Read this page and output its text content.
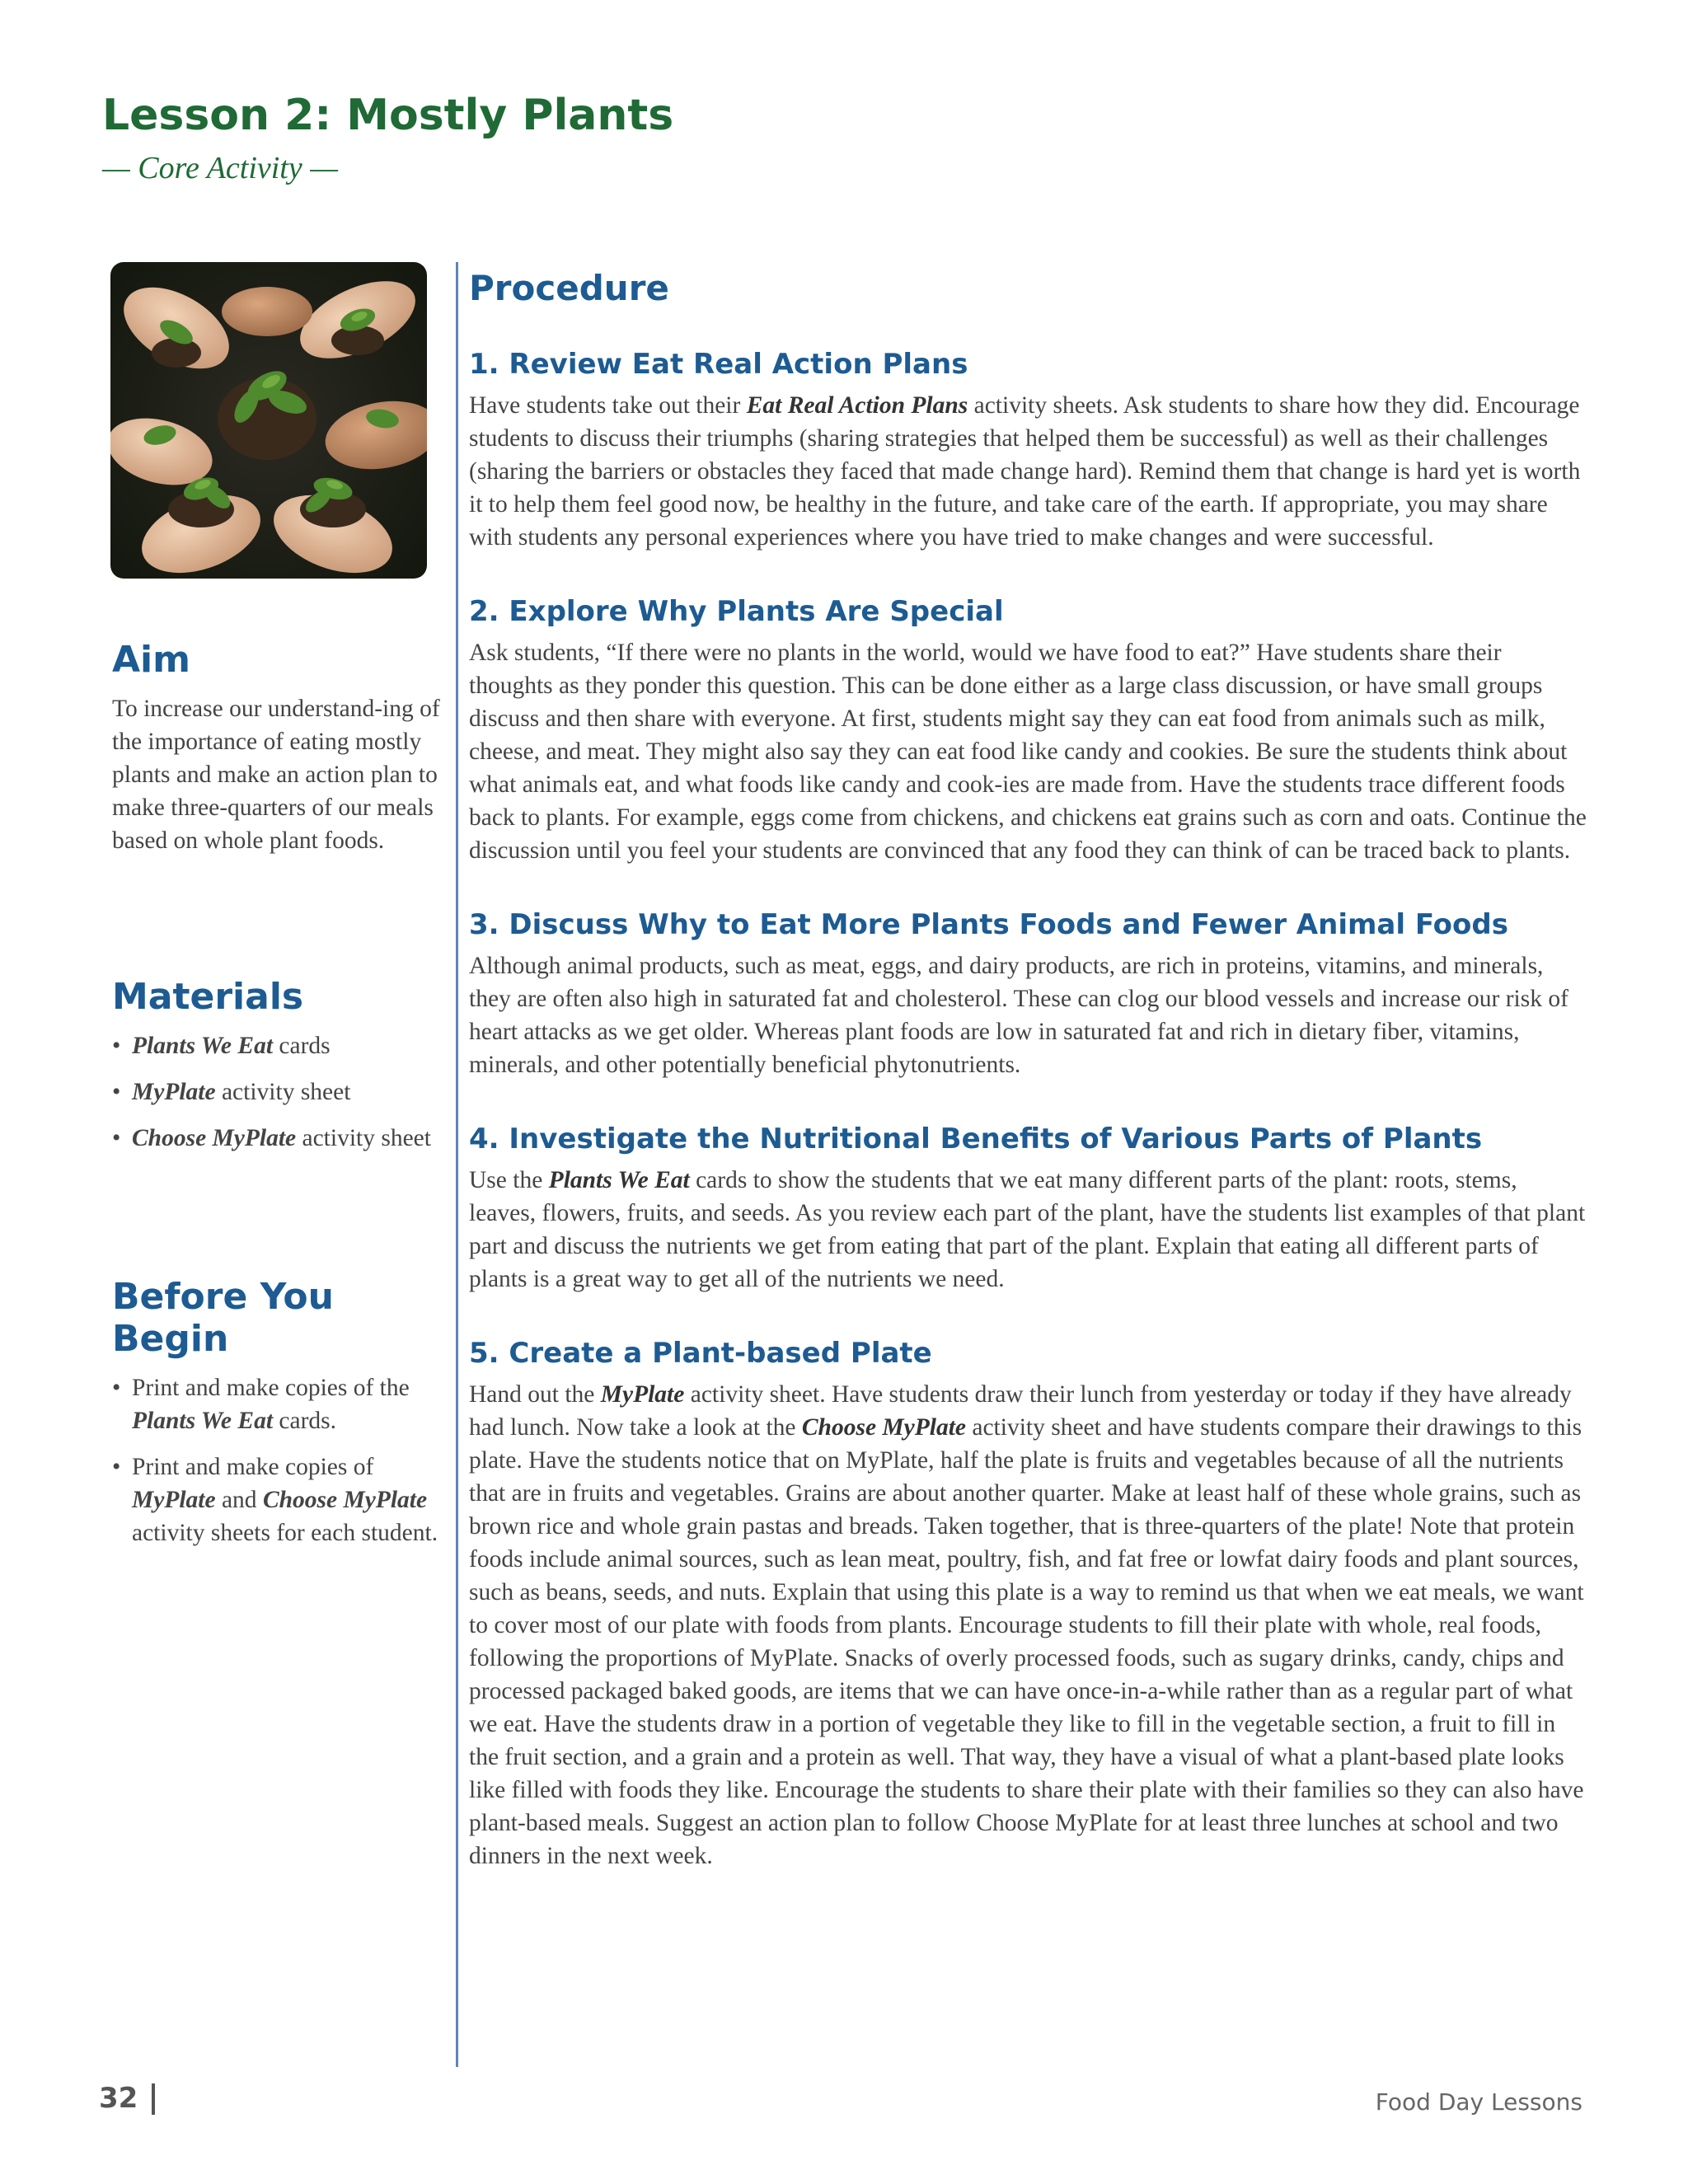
Lesson 2: Mostly Plants
— Core Activity —
Aim

To increase our understand-ing of the importance of eating mostly plants and make an action plan to make three-quarters of our meals based on whole plant foods.

Materials
• Plants We Eat cards
• MyPlate activity sheet
• Choose MyPlate activity sheet
Before You Begin
• Print and make copies of the Plants We Eat cards.
• Print and make copies of MyPlate and Choose MyPlate activity sheets for each student.
Procedure
1. Review Eat Real Action Plans

Have students take out their Eat Real Action Plans activity sheets. Ask students to share how they did. Encourage students to discuss their triumphs (sharing strategies that helped them be successful) as well as their challenges (sharing the barriers or obstacles they faced that made change hard). Remind them that change is hard yet is worth it to help them feel good now, be healthy in the future, and take care of the earth. If appropriate, you may share with students any personal experiences where you have tried to make changes and were successful.

2. Explore Why Plants Are Special

Ask students, “If there were no plants in the world, would we have food to eat?” Have students share their thoughts as they ponder this question. This can be done either as a large class discussion, or have small groups discuss and then share with everyone. At first, students might say they can eat food from animals such as milk, cheese, and meat. They might also say they can eat food like candy and cookies. Be sure the students think about what animals eat, and what foods like candy and cook-ies are made from. Have the students trace different foods back to plants. For example, eggs come from chickens, and chickens eat grains such as corn and oats. Continue the discussion until you feel your students are convinced that any food they can think of can be traced back to plants.

3. Discuss Why to Eat More Plants Foods and Fewer Animal Foods

Although animal products, such as meat, eggs, and dairy products, are rich in proteins, vitamins, and minerals, they are often also high in saturated fat and cholesterol. These can clog our blood vessels and increase our risk of heart attacks as we get older. Whereas plant foods are low in saturated fat and rich in dietary fiber, vitamins, minerals, and other potentially beneficial phytonutrients.

4. Investigate the Nutritional Benefits of Various Parts of Plants

Use the Plants We Eat cards to show the students that we eat many different parts of the plant: roots, stems, leaves, flowers, fruits, and seeds. As you review each part of the plant, have the students list examples of that plant part and discuss the nutrients we get from eating that part of the plant. Explain that eating all different parts of plants is a great way to get all of the nutrients we need.

5. Create a Plant-based Plate

Hand out the MyPlate activity sheet. Have students draw their lunch from yesterday or today if they have already had lunch. Now take a look at the Choose MyPlate activity sheet and have students compare their drawings to this plate. Have the students notice that on MyPlate, half the plate is fruits and vegetables because of all the nutrients that are in fruits and vegetables. Grains are about another quarter. Make at least half of these whole grains, such as brown rice and whole grain pastas and breads. Taken together, that is three-quarters of the plate! Note that protein foods include animal sources, such as lean meat, poultry, fish, and fat free or lowfat dairy foods and plant sources, such as beans, seeds, and nuts. Explain that using this plate is a way to remind us that when we eat meals, we want to cover most of our plate with foods from plants. Encourage students to fill their plate with whole, real foods, following the proportions of MyPlate. Snacks of overly processed foods, such as sugary drinks, candy, chips and processed packaged baked goods, are items that we can have once-in-a-while rather than as a regular part of what we eat. Have the students draw in a portion of vegetable they like to fill in the vegetable section, a fruit to fill in the fruit section, and a grain and a protein as well. That way, they have a visual of what a plant-based plate looks like filled with foods they like. Encourage the students to share their plate with their families so they can also have plant-based meals. Suggest an action plan to follow Choose MyPlate for at least three lunches at school and two dinners in the next week.

32	Food Day Lessons
